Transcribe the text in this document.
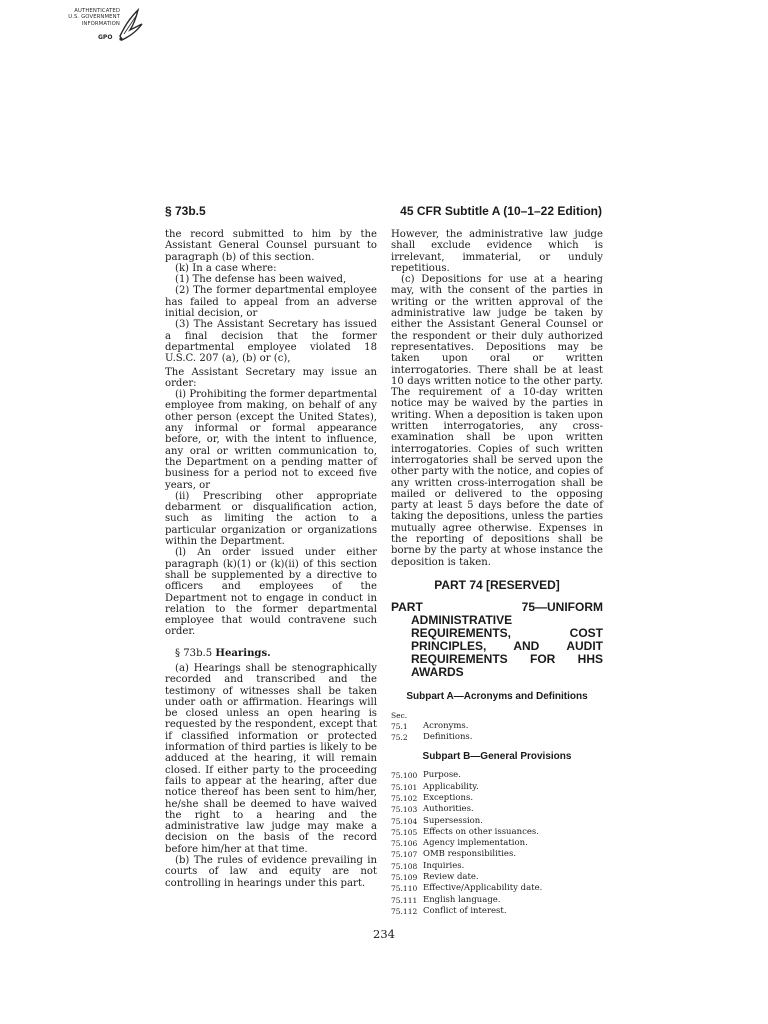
AUTHENTICATED
U.S. GOVERNMENT
INFORMATION
GPO
§ 73b.5	45 CFR Subtitle A (10–1–22 Edition)

the record submitted to him by the Assistant General Counsel pursuant to paragraph (b) of this section.

(k) In a case where:

(1) The defense has been waived,

(2) The former departmental employee has failed to appeal from an adverse initial decision, or

(3) The Assistant Secretary has issued a final decision that the former departmental employee violated 18 U.S.C. 207 (a), (b) or (c),

The Assistant Secretary may issue an order:

(i) Prohibiting the former departmental employee from making, on behalf of any other person (except the United States), any informal or formal appearance before, or, with the intent to influence, any oral or written communication to, the Department on a pending matter of business for a period not to exceed five years, or

(ii) Prescribing other appropriate debarment or disqualification action, such as limiting the action to a particular organization or organizations within the Department.

(l) An order issued under either paragraph (k)(1) or (k)(ii) of this section shall be supplemented by a directive to officers and employees of the Department not to engage in conduct in relation to the former departmental employee that would contravene such order.

§ 73b.5 Hearings.

(a) Hearings shall be stenographically recorded and transcribed and the testimony of witnesses shall be taken under oath or affirmation. Hearings will be closed unless an open hearing is requested by the respondent, except that if classified information or protected information of third parties is likely to be adduced at the hearing, it will remain closed. If either party to the proceeding fails to appear at the hearing, after due notice thereof has been sent to him/her, he/she shall be deemed to have waived the right to a hearing and the administrative law judge may make a decision on the basis of the record before him/her at that time.

(b) The rules of evidence prevailing in courts of law and equity are not controlling in hearings under this part.

However, the administrative law judge shall exclude evidence which is irrelevant, immaterial, or unduly repetitious.

(c) Depositions for use at a hearing may, with the consent of the parties in writing or the written approval of the administrative law judge be taken by either the Assistant General Counsel or the respondent or their duly authorized representatives. Depositions may be taken upon oral or written interrogatories. There shall be at least 10 days written notice to the other party. The requirement of a 10-day written notice may be waived by the parties in writing. When a deposition is taken upon written interrogatories, any cross-examination shall be upon written interrogatories. Copies of such written interrogatories shall be served upon the other party with the notice, and copies of any written cross-interrogation shall be mailed or delivered to the opposing party at least 5 days before the date of taking the depositions, unless the parties mutually agree otherwise. Expenses in the reporting of depositions shall be borne by the party at whose instance the deposition is taken.

PART 74 [RESERVED]
PART 75—UNIFORM ADMINISTRATIVE REQUIREMENTS, COST PRINCIPLES, AND AUDIT REQUIREMENTS FOR HHS AWARDS
Subpart A—Acronyms and Definitions
Sec.
75.1	Acronyms.
75.2	Definitions.
Subpart B—General Provisions
75.100 Purpose.
75.101 Applicability.
75.102 Exceptions.
75.103 Authorities.
75.104 Supersession.
75.105 Effects on other issuances.
75.106 Agency implementation.
75.107 OMB responsibilities.
75.108 Inquiries.
75.109 Review date.
75.110 Effective/Applicability date.
75.111 English language.
75.112 Conflict of interest.
234
